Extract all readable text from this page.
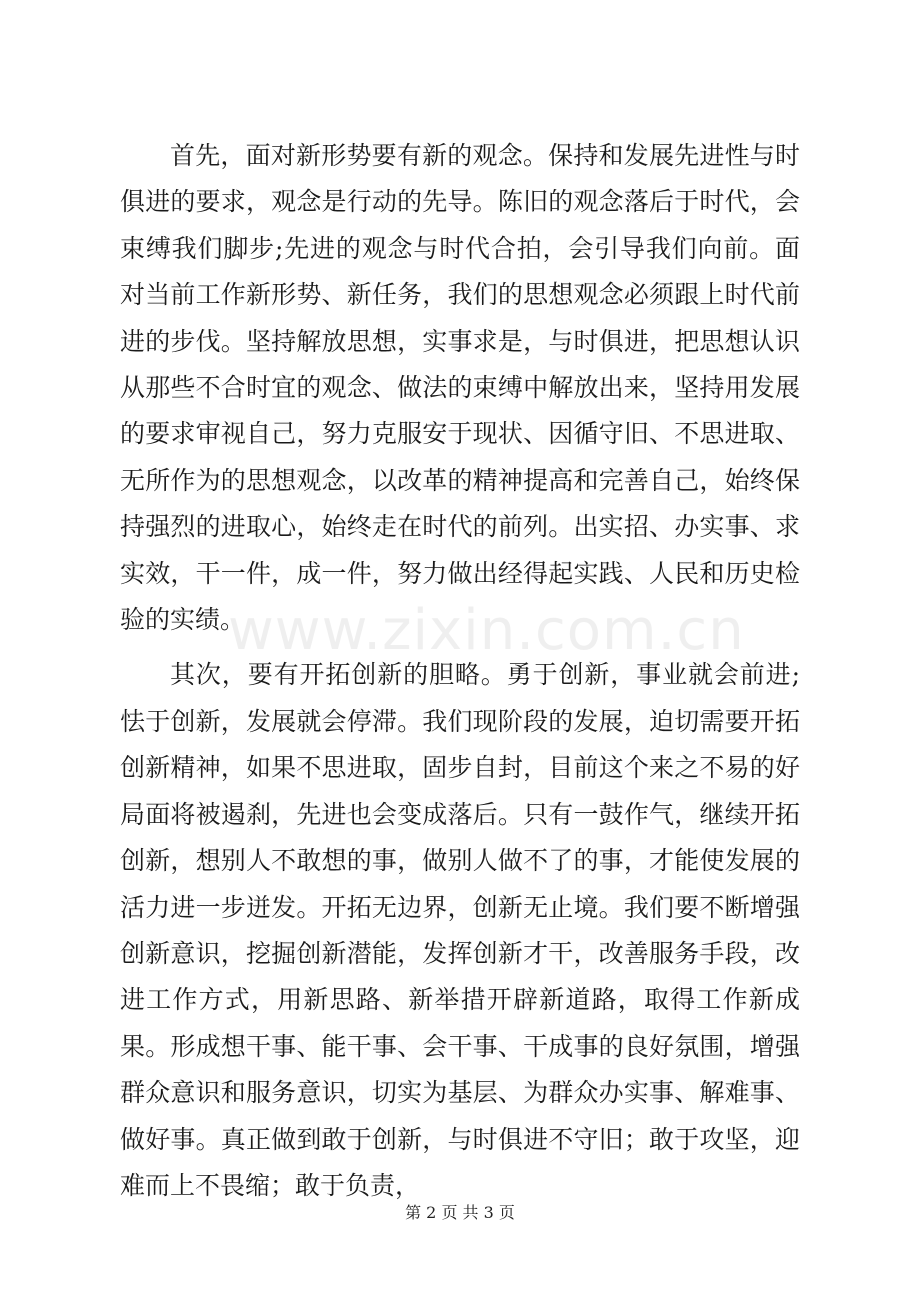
首先，面对新形势要有新的观念。保持和发展先进性与时俱进的要求，观念是行动的先导。陈旧的观念落后于时代，会束缚我们脚步;先进的观念与时代合拍，会引导我们向前。面对当前工作新形势、新任务，我们的思想观念必须跟上时代前进的步伐。坚持解放思想，实事求是，与时俱进，把思想认识从那些不合时宜的观念、做法的束缚中解放出来，坚持用发展的要求审视自己，努力克服安于现状、因循守旧、不思进取、无所作为的思想观念，以改革的精神提高和完善自己，始终保持强烈的进取心，始终走在时代的前列。出实招、办实事、求实效，干一件，成一件，努力做出经得起实践、人民和历史检验的实绩。

其次，要有开拓创新的胆略。勇于创新，事业就会前进;怯于创新，发展就会停滞。我们现阶段的发展，迫切需要开拓创新精神，如果不思进取，固步自封，目前这个来之不易的好局面将被遏刹，先进也会变成落后。只有一鼓作气，继续开拓创新，想别人不敢想的事，做别人做不了的事，才能使发展的活力进一步迸发。开拓无边界，创新无止境。我们要不断增强创新意识，挖掘创新潜能，发挥创新才干，改善服务手段，改进工作方式，用新思路、新举措开辟新道路，取得工作新成果。形成想干事、能干事、会干事、干成事的良好氛围，增强群众意识和服务意识，切实为基层、为群众办实事、解难事、做好事。真正做到敢于创新，与时俱进不守旧；敢于攻坚，迎难而上不畏缩；敢于负责，

www.zixin.com.cn
第 2 页 共 3 页
